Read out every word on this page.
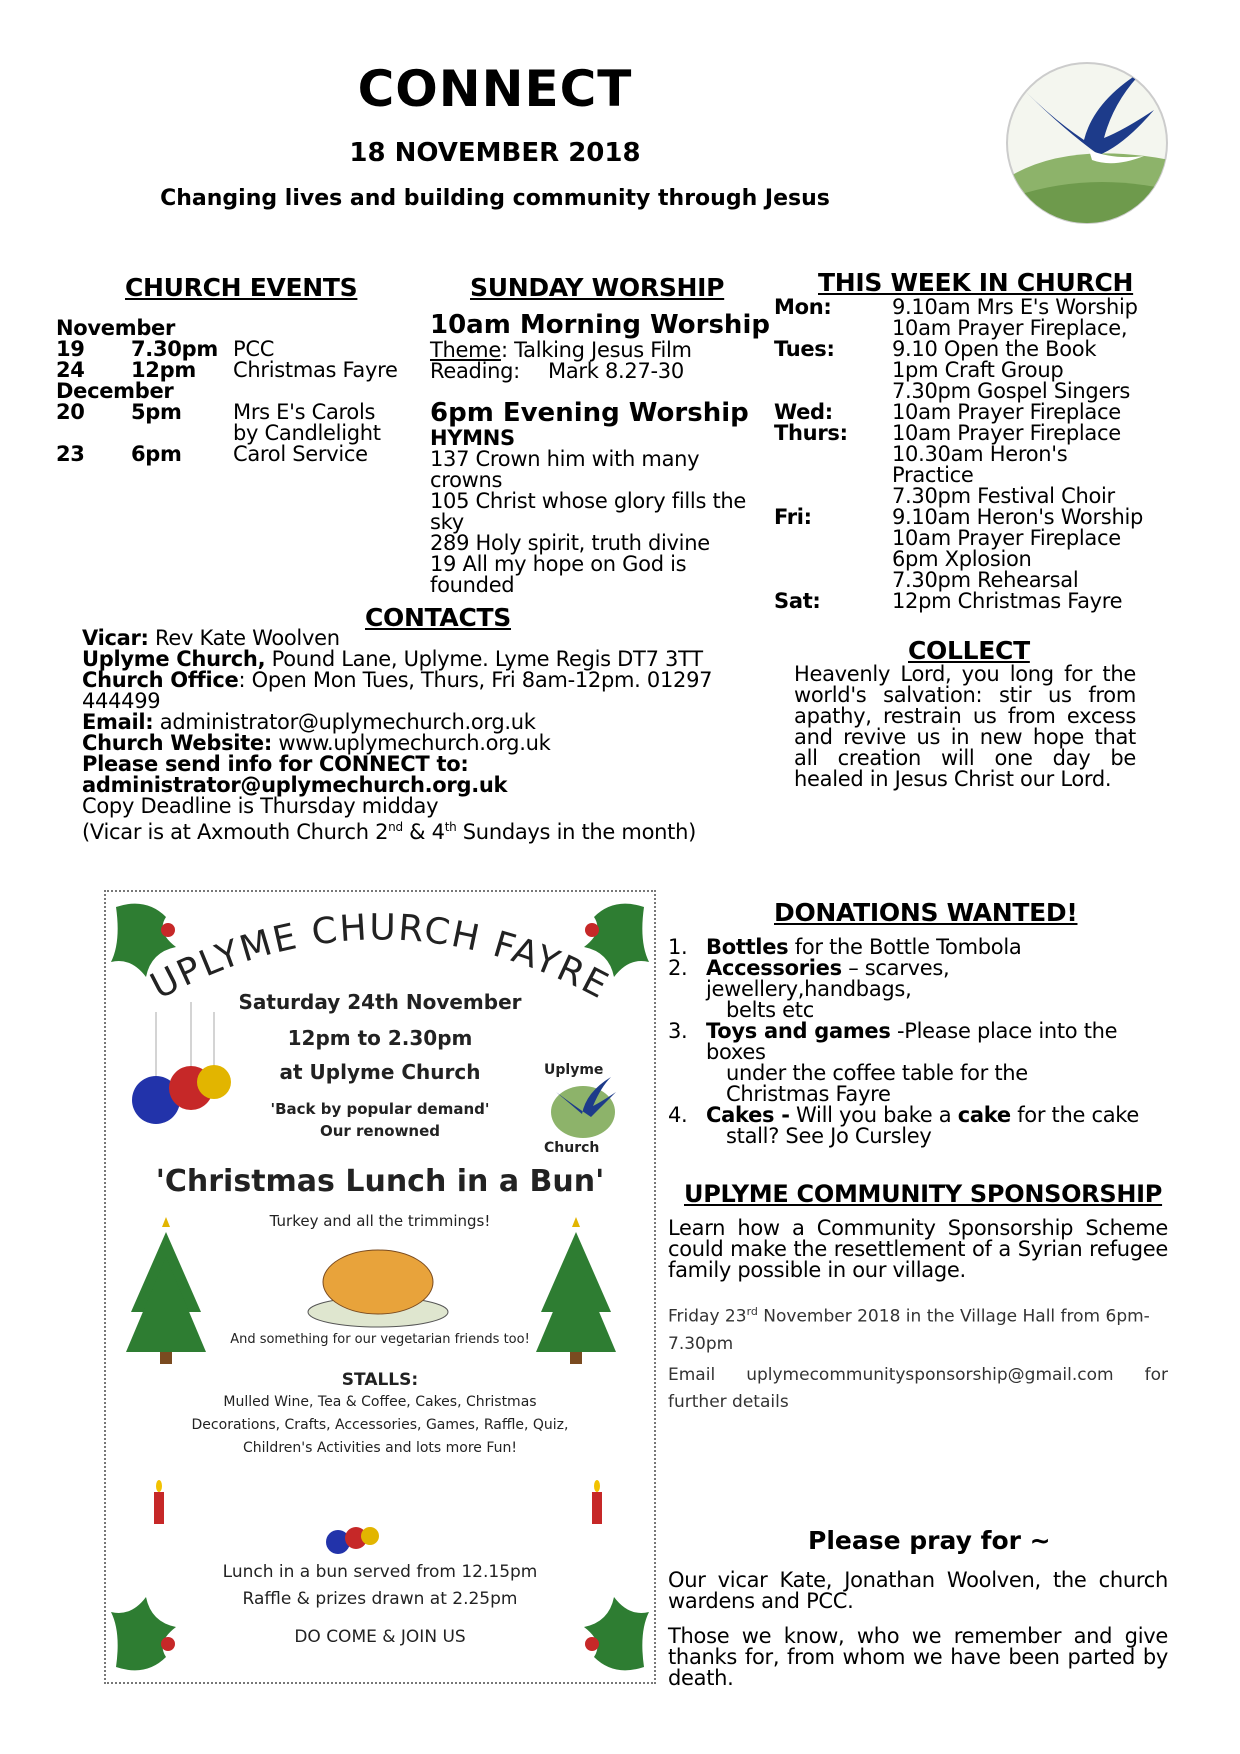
CONNECT
18 NOVEMBER 2018
Changing lives and building community through Jesus
CHURCH EVENTS
November
19	7.30pm PCC
24	12pm	Christmas Fayre
December
20	5pm	Mrs E's Carols by Candlelight
23	6pm	Carol Service
SUNDAY WORSHIP
10am Morning Worship
Theme: Talking Jesus Film
Reading:	Mark 8.27-30
6pm Evening Worship
HYMNS
137 Crown him with many crowns
105 Christ whose glory fills the sky
289 Holy spirit, truth divine
19 All my hope on God is founded
THIS WEEK IN CHURCH
Mon:	9.10am Mrs E's Worship
10am Prayer Fireplace,
Tues:	9.10 Open the Book
1pm Craft Group
7.30pm Gospel Singers
Wed:	10am Prayer Fireplace
Thurs:	10am Prayer Fireplace
10.30am Heron's Practice
7.30pm Festival Choir
Fri:	9.10am Heron's Worship
10am Prayer Fireplace
6pm Xplosion
7.30pm Rehearsal
Sat:	12pm Christmas Fayre
CONTACTS
Vicar: Rev Kate Woolven
Uplyme Church, Pound Lane, Uplyme. Lyme Regis DT7 3TT
Church Office: Open Mon Tues, Thurs, Fri 8am-12pm. 01297 444499
Email: administrator@uplymechurch.org.uk
Church Website: www.uplymechurch.org.uk
Please send info for CONNECT to:
administrator@uplymechurch.org.uk
Copy Deadline is Thursday midday
(Vicar is at Axmouth Church 2nd & 4th Sundays in the month)
COLLECT
Heavenly Lord, you long for the world's salvation: stir us from apathy, restrain us from excess and revive us in new hope that all creation will one day be healed in Jesus Christ our Lord.
UPLYME CHURCH FAYRE
Saturday 24th November
12pm to 2.30pm
at Uplyme Church
'Back by popular demand'
Our renowned
Uplyme
Church
'Christmas Lunch in a Bun'
Turkey and all the trimmings!
And something for our vegetarian friends too!
STALLS:
Mulled Wine, Tea & Coffee, Cakes, Christmas
Decorations, Crafts, Accessories, Games, Raffle, Quiz,
Children's Activities and lots more Fun!
Lunch in a bun served from 12.15pm
Raffle & prizes drawn at 2.25pm
DO COME & JOIN US
DONATIONS WANTED!
1. Bottles for the Bottle Tombola
2. Accessories – scarves, jewellery,handbags,
belts etc
3. Toys and games -Please place into the boxes
under the coffee table for the Christmas Fayre
4. Cakes - Will you bake a cake for the cake
stall? See Jo Cursley
UPLYME COMMUNITY SPONSORSHIP
Learn how a Community Sponsorship Scheme could make the resettlement of a Syrian refugee family possible in our village.
Friday 23rd November 2018 in the Village Hall from 6pm-7.30pm
Email uplymecommunitysponsorship@gmail.com for further details
Please pray for ~
Our vicar Kate, Jonathan Woolven, the church wardens and PCC.
Those we know, who we remember and give thanks for, from whom we have been parted by death.
